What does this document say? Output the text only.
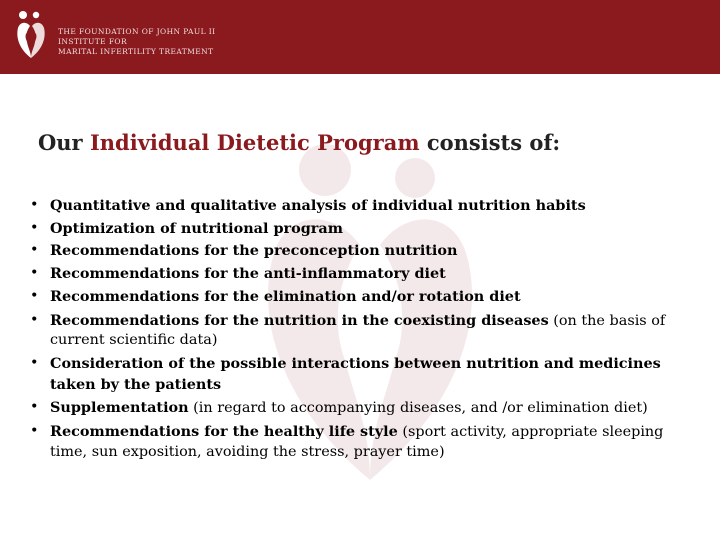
THE FOUNDATION OF JOHN PAUL II
INSTITUTE FOR
MARITAL INFERTILITY TREATMENT
Our Individual Dietetic Program consists of:
• Quantitative and qualitative analysis of individual nutrition habits
• Optimization of nutritional program
• Recommendations for the preconception nutrition
• Recommendations for the anti-inflammatory diet
• Recommendations for the elimination and/or rotation diet
• Recommendations for the nutrition in the coexisting diseases (on the basis of current scientific data)
• Consideration of the possible interactions between nutrition and medicines taken by the patients
• Supplementation (in regard to accompanying diseases, and /or elimination diet)
• Recommendations for the healthy life style (sport activity, appropriate sleeping time, sun exposition, avoiding the stress, prayer time)
